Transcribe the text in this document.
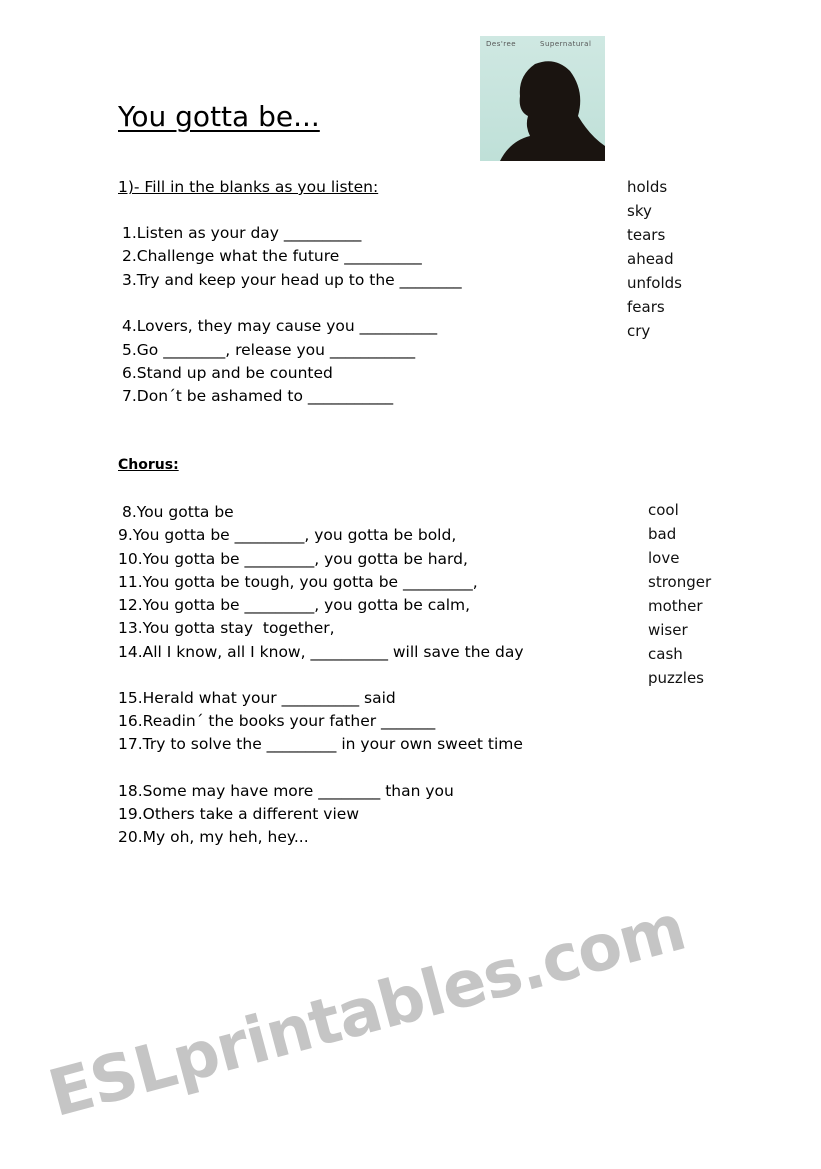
Des'ree	Supernatural
You gotta be...
1)- Fill in the blanks as you listen:
1.Listen as your day __________
2.Challenge what the future __________
3.Try and keep your head up to the ________
4.Lovers, they may cause you __________
5.Go ________, release you ___________
6.Stand up and be counted
7.Don´t be ashamed to ___________
holds
sky
tears
ahead
unfolds
fears
cry
Chorus:
8.You gotta be
9.You gotta be _________, you gotta be bold,
10.You gotta be _________, you gotta be hard,
11.You gotta be tough, you gotta be _________,
12.You gotta be _________, you gotta be calm,
13.You gotta stay  together,
14.All I know, all I know, __________ will save the day
15.Herald what your __________ said
16.Readin´ the books your father _______
17.Try to solve the _________ in your own sweet time
18.Some may have more ________ than you
19.Others take a different view
20.My oh, my heh, hey...
cool
bad
love
stronger
mother
wiser
cash
puzzles
ESLprintables.com
